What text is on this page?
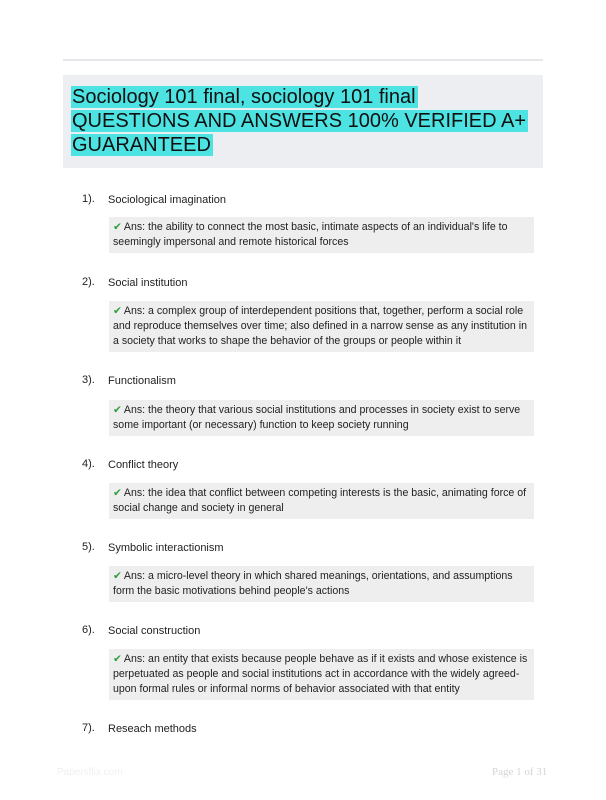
Sociology 101 final, sociology 101 final
QUESTIONS AND ANSWERS 100% VERIFIED A+
GUARANTEED
1). Sociological imagination
✔ Ans: the ability to connect the most basic, intimate aspects of an individual's life to seemingly impersonal and remote historical forces
2). Social institution
✔ Ans: a complex group of interdependent positions that, together, perform a social role and reproduce themselves over time; also defined in a narrow sense as any institution in a society that works to shape the behavior of the groups or people within it
3). Functionalism
✔ Ans: the theory that various social institutions and processes in society exist to serve some important (or necessary) function to keep society running
4). Conflict theory
✔ Ans: the idea that conflict between competing interests is the basic, animating force of social change and society in general
5). Symbolic interactionism
✔ Ans: a micro-level theory in which shared meanings, orientations, and assumptions form the basic motivations behind people's actions
6). Social construction
✔ Ans: an entity that exists because people behave as if it exists and whose existence is perpetuated as people and social institutions act in accordance with the widely agreed-upon formal rules or informal norms of behavior associated with that entity
7). Reseach methods
Papersflix.com	Page 1 of 31
